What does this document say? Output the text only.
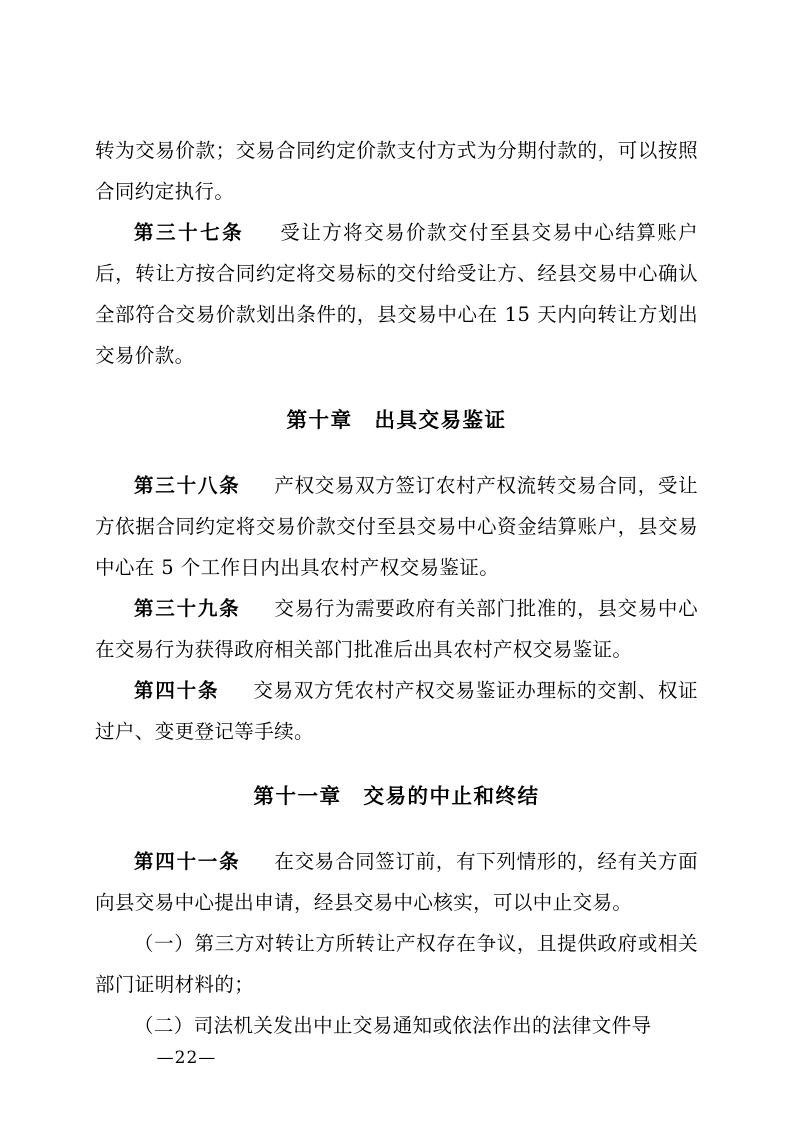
转为交易价款；交易合同约定价款支付方式为分期付款的，可以按照合同约定执行。

第三十七条 　 受让方将交易价款交付至县交易中心结算账户后，转让方按合同约定将交易标的交付给受让方、经县交易中心确认全部符合交易价款划出条件的，县交易中心在 15 天内向转让方划出交易价款。

第十章　出具交易鉴证

第三十八条 　 产权交易双方签订农村产权流转交易合同，受让方依据合同约定将交易价款交付至县交易中心资金结算账户，县交易中心在 5 个工作日内出具农村产权交易鉴证。

第三十九条 　 交易行为需要政府有关部门批准的，县交易中心在交易行为获得政府相关部门批准后出具农村产权交易鉴证。

第四十条 　 交易双方凭农村产权交易鉴证办理标的交割、权证过户、变更登记等手续。

第十一章　交易的中止和终结

第四十一条 　 在交易合同签订前，有下列情形的，经有关方面向县交易中心提出申请，经县交易中心核实，可以中止交易。

（一）第三方对转让方所转让产权存在争议，且提供政府或相关部门证明材料的；

（二）司法机关发出中止交易通知或依法作出的法律文件导

—22—
